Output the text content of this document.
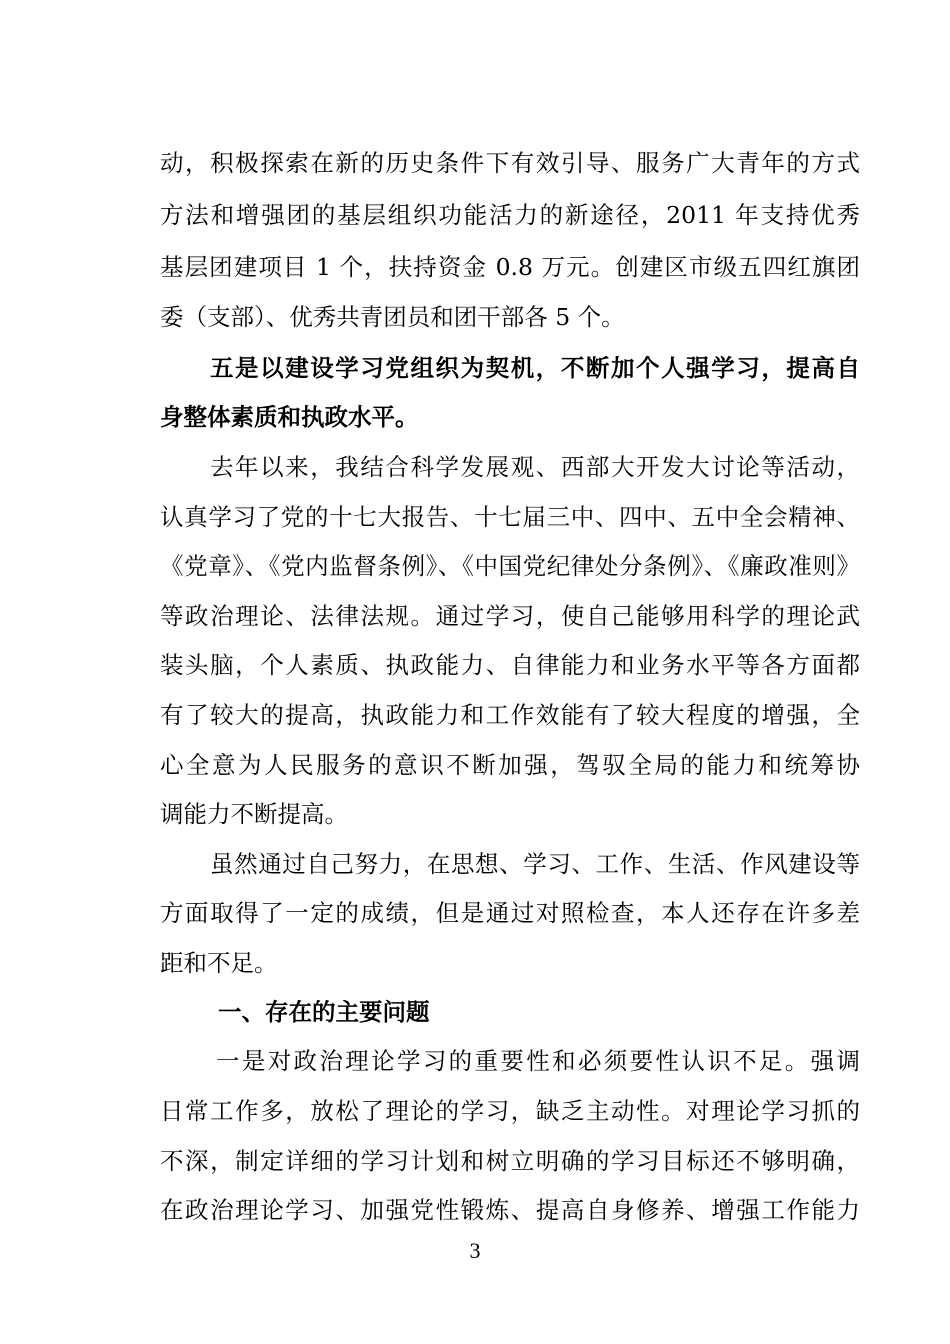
动，积极探索在新的历史条件下有效引导、服务广大青年的方式
方法和增强团的基层组织功能活力的新途径，2011 年支持优秀
基层团建项目 1 个，扶持资金 0.8 万元。创建区市级五四红旗团
委（支部）、优秀共青团员和团干部各 5 个。
五是以建设学习党组织为契机，不断加个人强学习，提高自
身整体素质和执政水平。
去年以来，我结合科学发展观、西部大开发大讨论等活动，
认真学习了党的十七大报告、十七届三中、四中、五中全会精神、
《党章》、《党内监督条例》、《中国党纪律处分条例》、《廉政准则》
等政治理论、法律法规。通过学习，使自己能够用科学的理论武
装头脑，个人素质、执政能力、自律能力和业务水平等各方面都
有了较大的提高，执政能力和工作效能有了较大程度的增强，全
心全意为人民服务的意识不断加强，驾驭全局的能力和统筹协
调能力不断提高。
虽然通过自己努力，在思想、学习、工作、生活、作风建设等
方面取得了一定的成绩，但是通过对照检查，本人还存在许多差
距和不足。
一、存在的主要问题
一是对政治理论学习的重要性和必须要性认识不足。强调
日常工作多，放松了理论的学习，缺乏主动性。对理论学习抓的
不深，制定详细的学习计划和树立明确的学习目标还不够明确，
在政治理论学习、加强党性锻炼、提高自身修养、增强工作能力
3
